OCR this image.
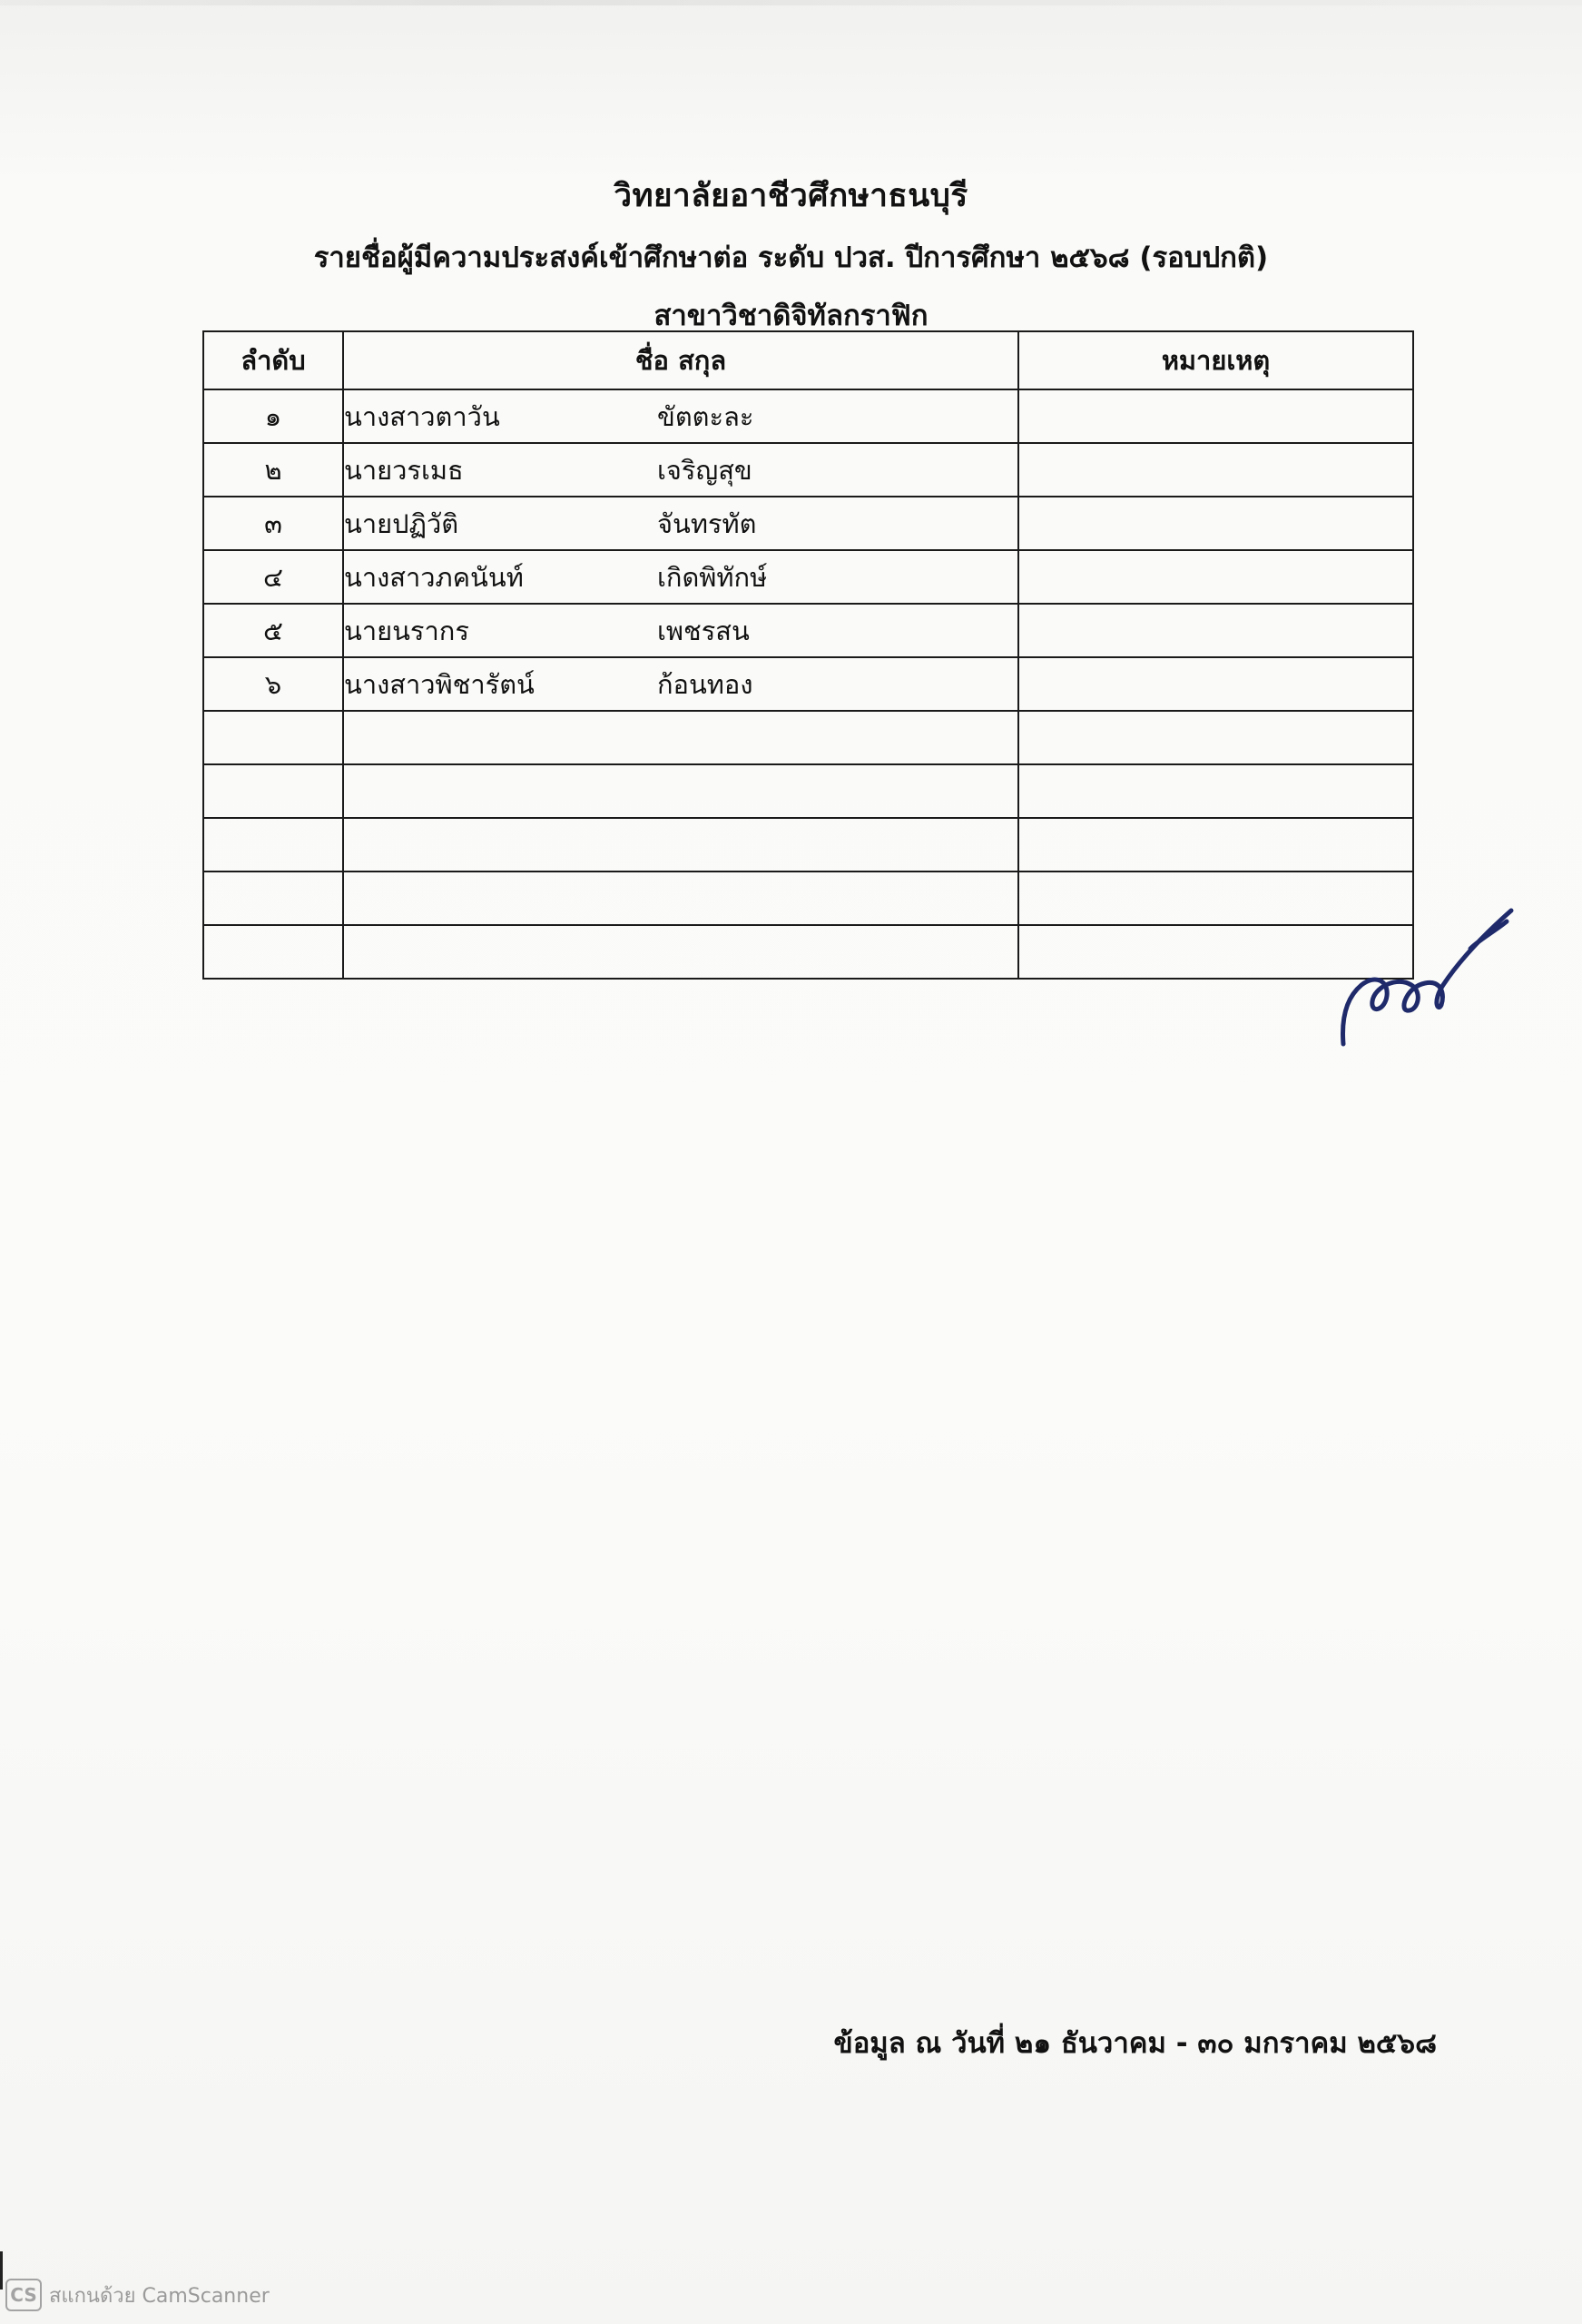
วิทยาลัยอาชีวศึกษาธนบุรี
รายชื่อผู้มีความประสงค์เข้าศึกษาต่อ ระดับ ปวส. ปีการศึกษา ๒๕๖๘ (รอบปกติ)
สาขาวิชาดิจิทัลกราฟิก
ลำดับ	ชื่อ สกุล	หมายเหตุ
๑	นางสาวตาวัน ขัตตะละ	
๒	นายวรเมธ เจริญสุข	
๓	นายปฏิวัติ จันทรทัต	
๔	นางสาวภคนันท์ เกิดพิทักษ์	
๕	นายนรากร เพชรสน	
๖	นางสาวพิชารัตน์ ก้อนทอง	

ข้อมูล ณ วันที่ ๒๑ ธันวาคม - ๓๐ มกราคม ๒๕๖๘
CS สแกนด้วย CamScanner
